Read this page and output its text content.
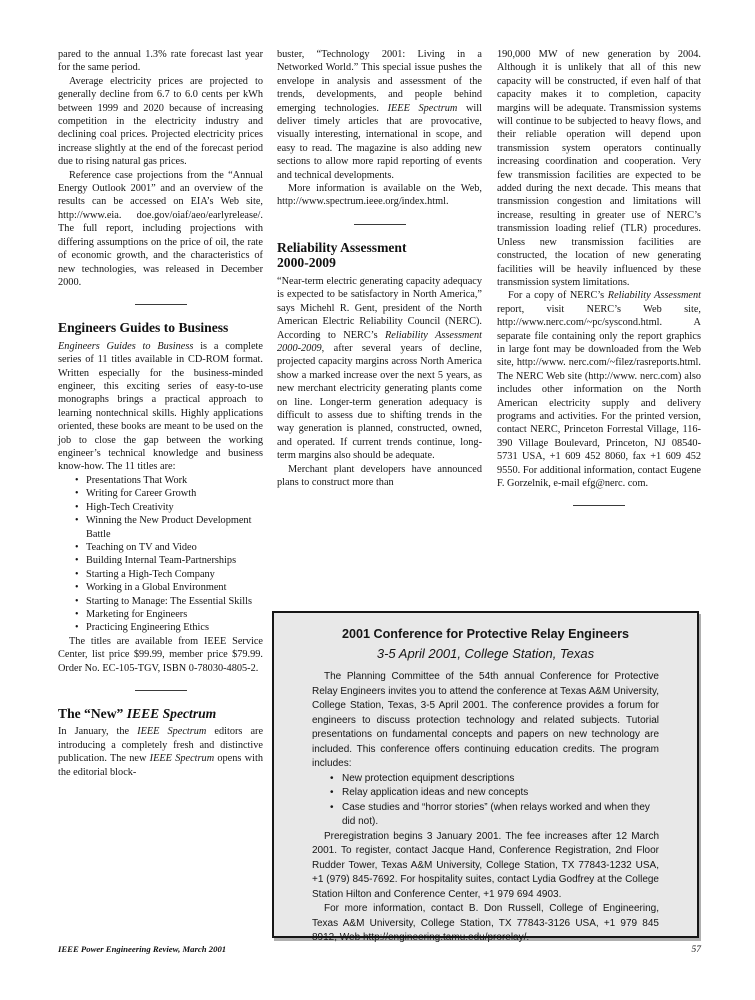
pared to the annual 1.3% rate forecast last year for the same period.

Average electricity prices are projected to generally decline from 6.7 to 6.0 cents per kWh between 1999 and 2020 because of increasing competition in the electricity industry and declining coal prices. Projected electricity prices increase slightly at the end of the forecast period due to rising natural gas prices.

Reference case projections from the “Annual Energy Outlook 2001” and an overview of the results can be accessed on EIA’s Web site, http://www.eia. doe.gov/oiaf/aeo/earlyrelease/. The full report, including projections with differing assumptions on the price of oil, the rate of economic growth, and the characteristics of new technologies, was released in December 2000.

Engineers Guides to Business

Engineers Guides to Business is a complete series of 11 titles available in CD-ROM format. Written especially for the business-minded engineer, this exciting series of easy-to-use monographs brings a practical approach to learning nontechnical skills. Highly applications oriented, these books are meant to be used on the job to close the gap between the working engineer’s technical knowledge and business know-how. The 11 titles are:

• Presentations That Work
• Writing for Career Growth
• High-Tech Creativity
• Winning the New Product Development Battle
• Teaching on TV and Video
• Building Internal Team-Partnerships
• Starting a High-Tech Company
• Working in a Global Environment
• Starting to Manage: The Essential Skills
• Marketing for Engineers
• Practicing Engineering Ethics

The titles are available from IEEE Service Center, list price $99.99, member price $79.99. Order No. EC-105-TGV, ISBN 0-78030-4805-2.

The “New” IEEE Spectrum

In January, the IEEE Spectrum editors are introducing a completely fresh and distinctive publication. The new IEEE Spectrum opens with the editorial block-

buster, “Technology 2001: Living in a Networked World.” This special issue pushes the envelope in analysis and assessment of the trends, developments, and people behind emerging technologies. IEEE Spectrum will deliver timely articles that are provocative, visually interesting, international in scope, and easy to read. The magazine is also adding new sections to allow more rapid reporting of events and technical developments.

More information is available on the Web, http://www.spectrum.ieee.org/index.html.

Reliability Assessment
2000-2009

“Near-term electric generating capacity adequacy is expected to be satisfactory in North America,” says Michehl R. Gent, president of the North American Electric Reliability Council (NERC). According to NERC’s Reliability Assessment 2000-2009, after several years of decline, projected capacity margins across North America show a marked increase over the next 5 years, as new merchant electricity generating plants come on line. Longer-term generation adequacy is difficult to assess due to shifting trends in the way generation is planned, constructed, owned, and operated. If current trends continue, long-term margins also should be adequate.

Merchant plant developers have announced plans to construct more than

190,000 MW of new generation by 2004. Although it is unlikely that all of this new capacity will be constructed, if even half of that capacity makes it to completion, capacity margins will be adequate. Transmission systems will continue to be subjected to heavy flows, and their reliable operation will depend upon transmission system operators continually increasing coordination and cooperation. Very few transmission facilities are expected to be added during the next decade. This means that transmission congestion and limitations will increase, resulting in greater use of NERC’s transmission loading relief (TLR) procedures. Unless new transmission facilities are constructed, the location of new generating facilities will be heavily influenced by these transmission system limitations.

For a copy of NERC’s Reliability Assessment report, visit NERC’s Web site, http://www.nerc.com/~pc/syscond.html. A separate file containing only the report graphics in large font may be downloaded from the Web site, http://www. nerc.com/~filez/rasreports.html. The NERC Web site (http://www. nerc.com) also includes other information on the North American electricity supply and delivery programs and activities. For the printed version, contact NERC, Princeton Forrestal Village, 116-390 Village Boulevard, Princeton, NJ 08540-5731 USA, +1 609 452 8060, fax +1 609 452 9550. For additional information, contact Eugene F. Gorzelnik, e-mail efg@nerc. com.

2001 Conference for Protective Relay Engineers
3-5 April 2001, College Station, Texas

The Planning Committee of the 54th annual Conference for Protective Relay Engineers invites you to attend the conference at Texas A&M University, College Station, Texas, 3-5 April 2001. The conference provides a forum for engineers to discuss protection technology and related subjects. Tutorial presentations on fundamental concepts and papers on new technology are included. This conference offers continuing education credits. The program includes:

• New protection equipment descriptions
• Relay application ideas and new concepts
• Case studies and “horror stories” (when relays worked and when they did not).

Preregistration begins 3 January 2001. The fee increases after 12 March 2001. To register, contact Jacque Hand, Conference Registration, 2nd Floor Rudder Tower, Texas A&M University, College Station, TX 77843-1232 USA, +1 (979) 845-7692. For hospitality suites, contact Lydia Godfrey at the College Station Hilton and Conference Center, +1 979 694 4903.

For more information, contact B. Don Russell, College of Engineering, Texas A&M University, College Station, TX 77843-3126 USA, +1 979 845 8912, Web http://engineering.tamu.edu/prorelay/.

IEEE Power Engineering Review, March 2001	57
